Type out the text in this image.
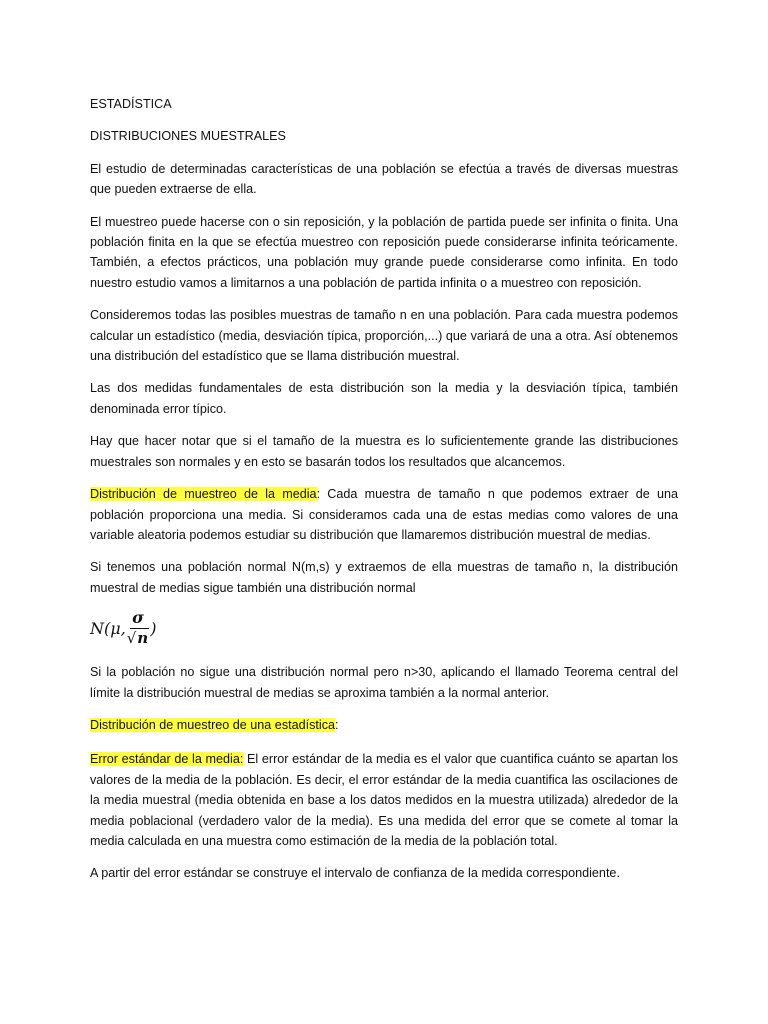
ESTADÍSTICA

DISTRIBUCIONES MUESTRALES

El estudio de determinadas características de una población se efectúa a través de diversas muestras que pueden extraerse de ella.

El muestreo puede hacerse con o sin reposición, y la población de partida puede ser infinita o finita. Una población finita en la que se efectúa muestreo con reposición puede considerarse infinita teóricamente. También, a efectos prácticos, una población muy grande puede considerarse como infinita. En todo nuestro estudio vamos a limitarnos a una población de partida infinita o a muestreo con reposición.

Consideremos todas las posibles muestras de tamaño n en una población. Para cada muestra podemos calcular un estadístico (media, desviación típica, proporción,...) que variará de una a otra. Así obtenemos una distribución del estadístico que se llama distribución muestral.

Las dos medidas fundamentales de esta distribución son la media y la desviación típica, también denominada error típico.

Hay que hacer notar que si el tamaño de la muestra es lo suficientemente grande las distribuciones muestrales son normales y en esto se basarán todos los resultados que alcancemos.

Distribución de muestreo de la media: Cada muestra de tamaño n que podemos extraer de una población proporciona una media. Si consideramos cada una de estas medias como valores de una variable aleatoria podemos estudiar su distribución que llamaremos distribución muestral de medias.

Si tenemos una población normal N(m,s) y extraemos de ella muestras de tamaño n, la distribución muestral de medias sigue también una distribución normal

N(μ, $\frac{\sigma}{√n}$ )

Si la población no sigue una distribución normal pero n>30, aplicando el llamado Teorema central del límite la distribución muestral de medias se aproxima también a la normal anterior.

Distribución de muestreo de una estadística:

Error estándar de la media: El error estándar de la media es el valor que cuantifica cuánto se apartan los valores de la media de la población. Es decir, el error estándar de la media cuantifica las oscilaciones de la media muestral (media obtenida en base a los datos medidos en la muestra utilizada) alrededor de la media poblacional (verdadero valor de la media). Es una medida del error que se comete al tomar la media calculada en una muestra como estimación de la media de la población total.

A partir del error estándar se construye el intervalo de confianza de la medida correspondiente.
